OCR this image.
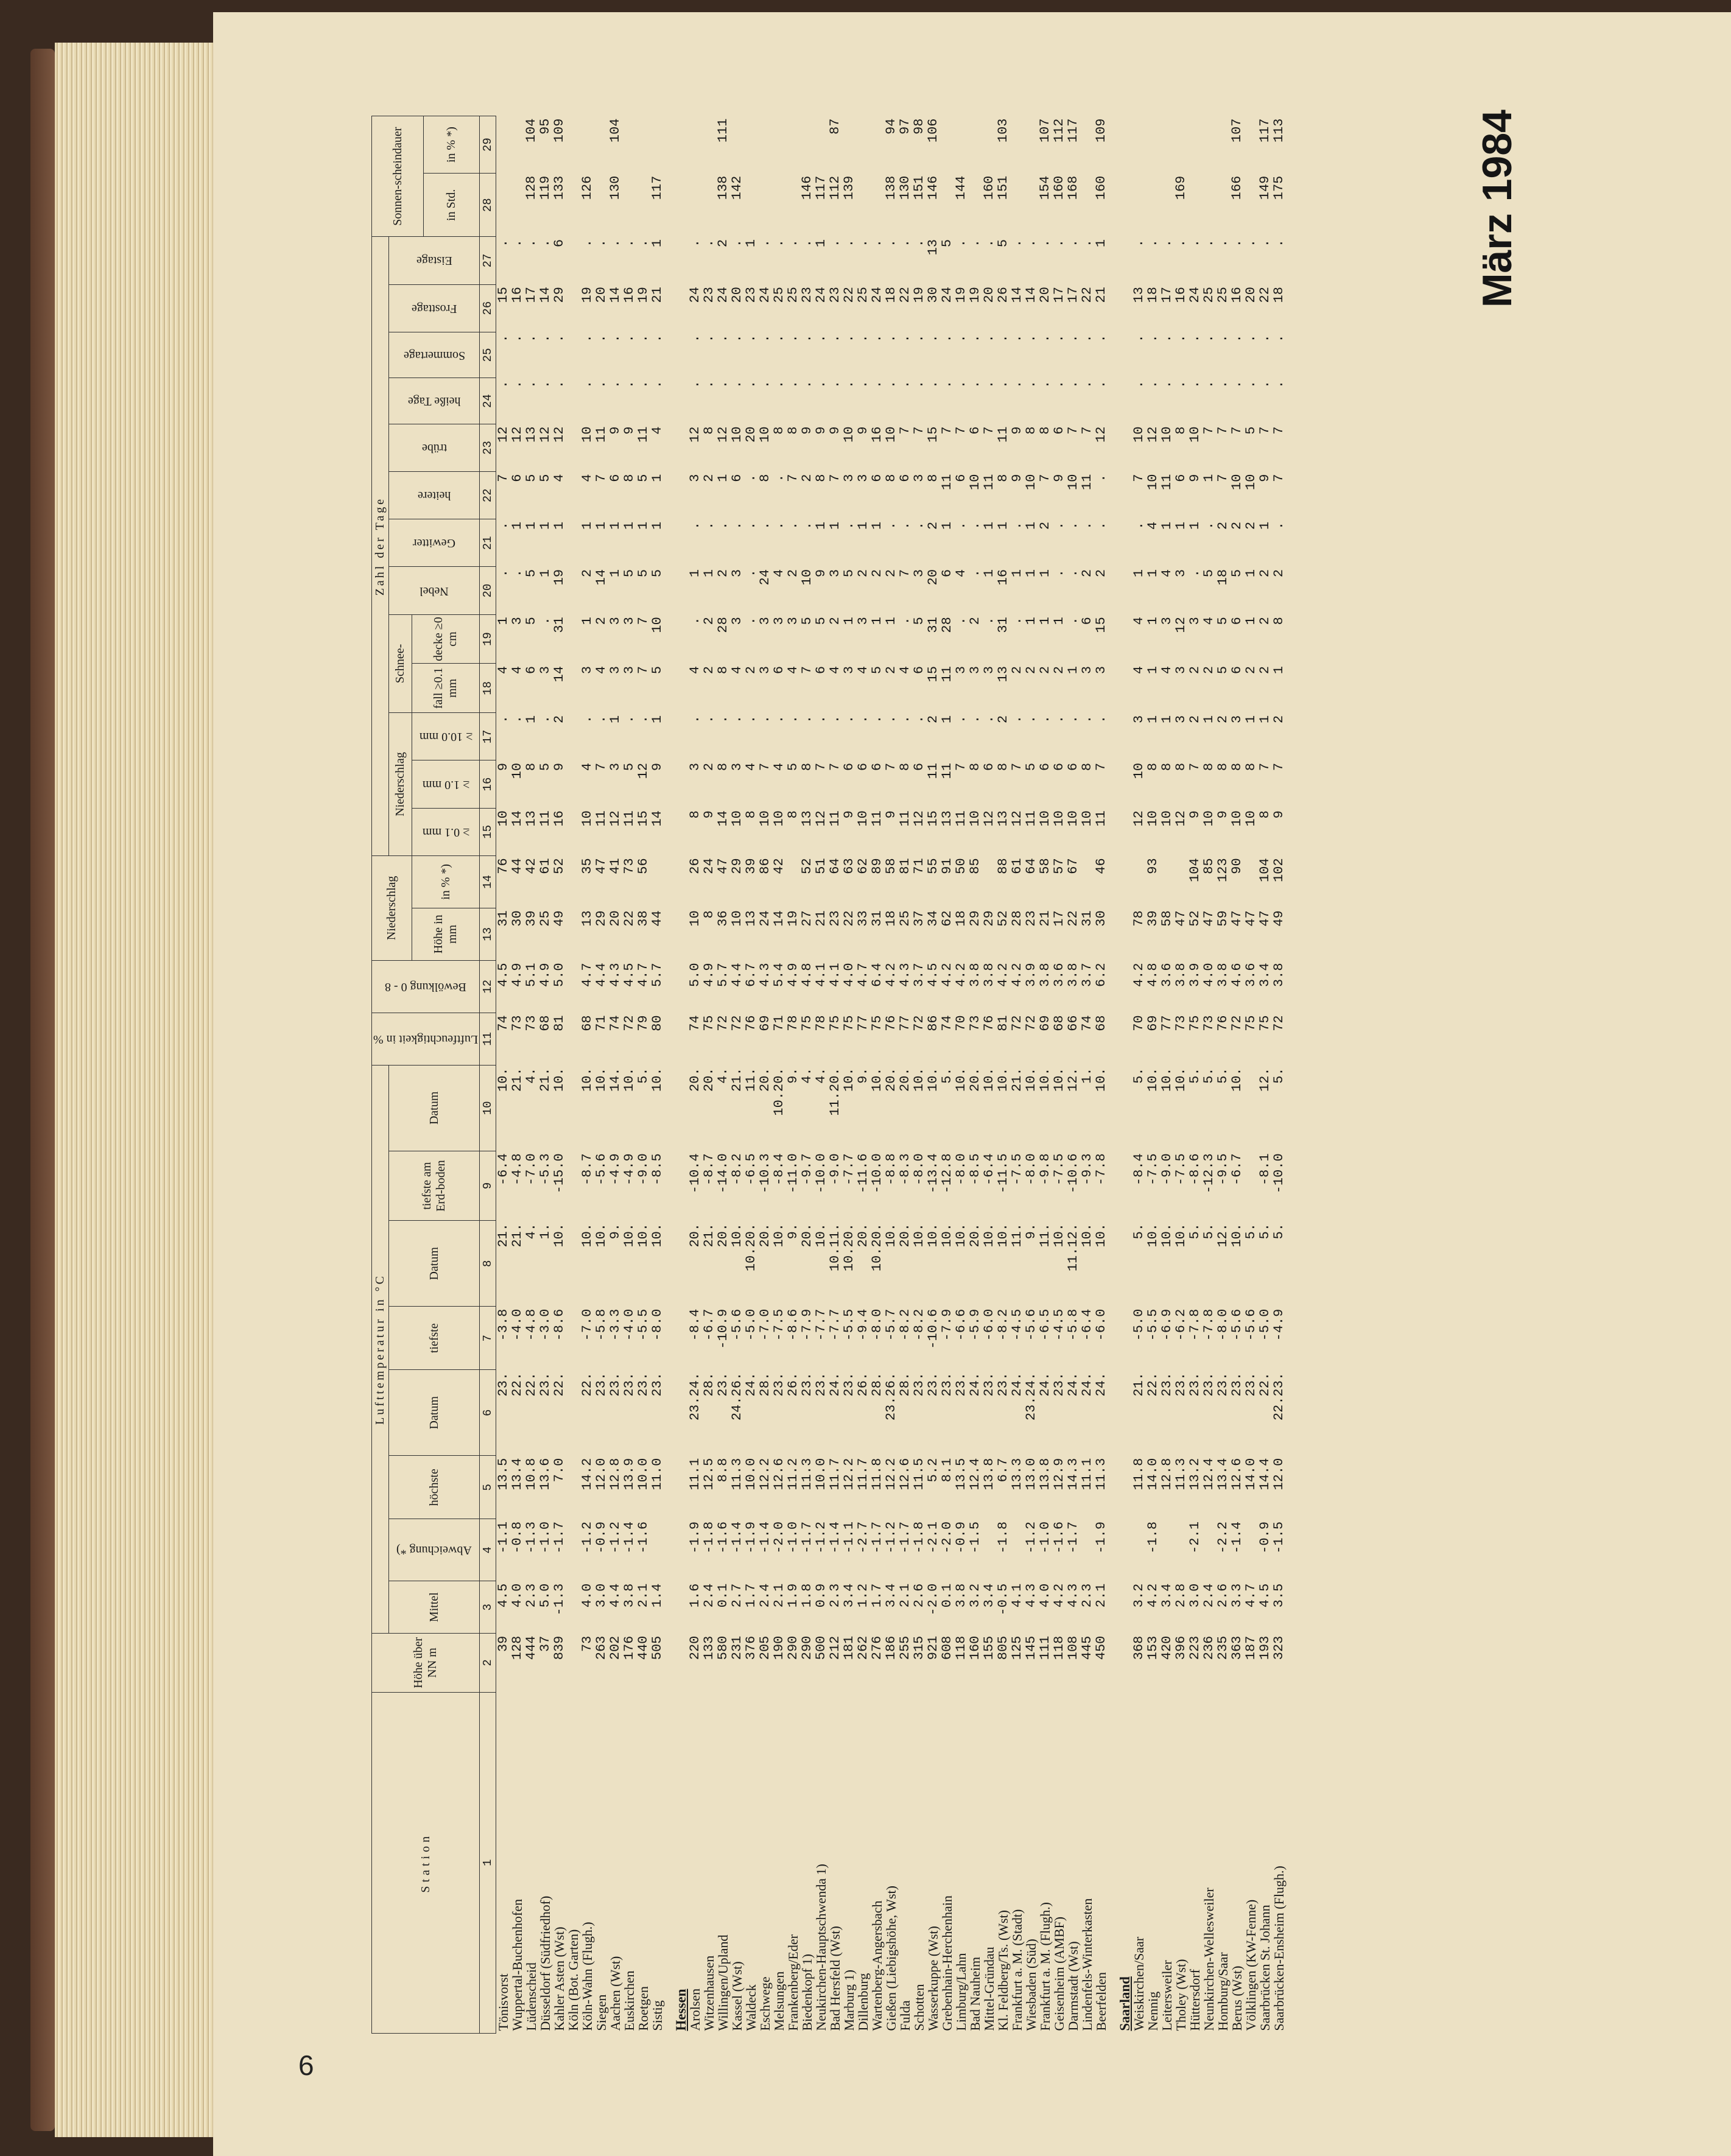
März 1984
6
Station	Höhe über NN m	Lufttemperatur in °C								Luftfeuchtigkeit in %	Bewölkung 0 - 8	Niederschlag		Zahl der Tage													Sonnen-scheindauer	
		Mittel	Abweichung *)	höchste	Datum	tiefste	Datum	tiefste am Erd-boden	Datum					Niederschlag			Schnee-		Nebel	Gewitter	heitere	trübe	heiße Tage	Sommertage	Frosttage	Eistage		

												Höhe in mm	in % *)	≥ 0.1 mm	≥ 1.0 mm	≥ 10.0 mm	fall ≥0.1 mm	decke ≥0 cm										
																											in Std.	in % *)
1	2	3	4	5	6	7	8	9	10	11	12	13	14	15	16	17	18	19	20	21	22	23	24	25	26	27	28	29
Tönisvorst	39	4.5	-1.1	13.5	23.	-3.8	21.	-6.4	10.	74	4.5	31	76	10	9	.	4	1	.	.	7	12	.	.	15	.		
Wuppertal-Buchenhofen	128	4.0	-0.8	13.4	22.	-4.0	21.	-4.8	21.	73	4.9	30	44	14	10	.	4	3	.	1	6	12	.	.	16	.		
Lüdenscheid	444	2.3	-1.3	10.8	22.	-4.8	4.	-7.0	4.	73	5.1	39	42	13	8	1	6	5	5	1	5	13	.	.	17	.	128	104
Düsseldorf (Südfriedhof)	37	5.0	-1.0	13.6	23.	-3.0	1.	-5.3	21.	68	4.9	25	61	11	5	.	3	.	1	1	5	12	.	.	14	.	119	95
Kahler Asten (Wst)	839	-1.3	-1.7	7.0	22.	-8.6	10.	-15.0	10.	81	5.0	49	52	16	9	2	14	31	19	1	4	12	.	.	29	6	133	109
Köln (Bot. Garten)																												
Köln-Wahn (Flugh.)	73	4.0	-1.2	14.2	22.	-7.0	10.	-8.7	10.	68	4.7	13	35	10	4	.	3	1	2	1	4	10	.	.	19	.	126	
Siegen	263	3.0	-0.9	12.0	23.	-5.8	10.	-5.6	10.	71	4.4	29	47	11	7	.	4	2	14	1	7	11	.	.	20	.		
Aachen (Wst)	202	4.4	-1.2	12.8	23.	-3.3	9.	-4.9	14.	74	4.3	20	41	12	3	1	3	3	1	1	6	9	.	.	14	.	130	104
Euskirchen	176	3.8	-1.4	13.9	23.	-4.0	10.	-4.9	10.	72	4.5	22	73	11	5	.	3	3	5	1	8	9	.	.	16	.		
Roetgen	440	2.1	-1.6	10.0	23.	-5.5	10.	-9.0	5.	79	4.7	38	56	15	12	.	7	7	5	1	5	11	.	.	19	.		
Sistig	505	1.4		11.0	23.	-8.0	10.	-8.5	10.	80	5.7	44		14	9	1	5	10	5	1	1	4	.	.	21	1	117	

Hessen																												
Arolsen	220	1.6	-1.9	11.1	23.24.	-8.4	20.	-10.4	20.	74	5.0	10	26	8	3	.	4	.	1	.	3	12	.	.	24	.		
Witzenhausen	133	2.4	-1.8	12.5	28.	-6.7	21.	-8.7	20.	75	4.9	8	24	9	2	.	2	2	1	.	2	8	.	.	23	.		
Willingen/Upland	580	0.1	-1.6	8.8	23.	-10.9	20.	-14.0	4.	72	5.7	36	47	14	8	.	8	28	2	.	1	12	.	.	24	2	138	111
Kassel (Wst)	231	2.7	-1.4	11.3	24.26.	-5.6	10.	-8.2	21.	72	4.4	10	29	10	3	.	4	3	3	.	6	10	.	.	20	.	142	
Waldeck	376	1.7	-1.9	10.0	24.	-5.0	10.20.	-6.5	11.	76	6.7	13	39	8	4	.	2	.	.	.	.	20	.	.	23	1		
Eschwege	205	2.4	-1.4	12.2	28.	-7.0	20.	-10.3	20.	69	4.3	24	86	10	7	.	3	3	24	.	8	10	.	.	24	.		
Melsungen	190	2.1	-2.0	12.6	23.	-7.5	10.	-8.4	10.20.	71	5.4	14	42	10	4	.	6	3	4	.	.	8	.	.	25	.		
Frankenberg/Eder	290	1.9	-1.0	11.2	26.	-8.6	9.	-11.0	9.	78	4.9	19		8	5	.	4	3	2	.	7	8	.	.	25	.		
Biedenkopf 1)	290	1.8	-1.7	11.3	23.	-7.9	20.	-9.7	4.	75	4.8	27	52	13	8	.	7	5	10	.	2	9	.	.	23	.	146	
Neukirchen-Hauptschwenda 1)	500	0.9	-1.2	10.0	23.	-7.7	10.	-10.0	4.	78	4.1	21	51	12	7	.	6	5	9	1	8	9	.	.	24	1	117	
Bad Hersfeld (Wst)	212	2.3	-1.4	11.7	24.	-7.7	10.11.	-9.0	11.20.	75	4.1	23	64	11	7	.	4	2	3	1	7	9	.	.	23	.	112	87
Marburg 1)	181	3.4	-1.1	12.2	23.	-5.5	10.20.	-7.7	10.	75	4.0	22	63	9	6	.	3	1	5	.	3	10	.	.	22	.	139	
Dillenburg	262	1.2	-2.7	11.7	26.	-9.4	20.	-11.6	9.	77	4.7	33	62	10	6	.	4	3	2	1	3	9	.	.	25	.		
Wartenberg-Angersbach	276	1.7	-1.7	11.8	28.	-8.0	10.20.	-10.0	10.	75	6.4	31	89	11	6	.	5	1	2	1	6	16	.	.	24	.		
Gießen (Liebigshöhe, Wst)	186	3.4	-1.2	12.2	23.26.	-5.7	10.	-8.8	20.	76	4.2	18	58	9	7	.	2	1	2	.	8	10	.	.	18	.	138	94
Fulda	255	2.1	-1.7	12.6	28.	-8.2	20.	-8.3	20.	77	4.3	25	81	11	8	.	4	.	7	.	6	7	.	.	22	.	130	97
Schotten	315	2.6	-1.8	11.5	23.	-8.2	10.	-8.0	10.	72	3.7	37	71	12	6	.	6	5	3	.	3	7	.	.	19	.	151	98
Wasserkuppe (Wst)	921	-2.0	-2.1	5.2	23.	-10.6	10.	-13.4	10.	86	4.5	34	55	15	11	2	15	31	20	2	8	15	.	.	30	13	146	106
Grebenhain-Herchenhain	608	0.1	-2.0	8.1	23.	-7.9	10.	-12.8	5.	74	4.2	62	91	13	11	1	11	28	6	1	11	7	.	.	24	5		
Limburg/Lahn	118	3.8	-0.9	13.5	23.	-6.6	10.	-8.0	10.	70	4.2	18	50	11	7	.	3	.	4	.	6	7	.	.	19	.	144	
Bad Nauheim	160	3.2	-1.5	12.4	24.	-5.9	20.	-8.5	20.	73	3.8	29	85	10	8	.	3	2	.	.	10	6	.	.	19	.		
Mittel-Gründau	155	3.4		13.8	23.	-6.0	10.	-6.4	10.	76	3.8	29		12	6	.	3	.	1	1	11	7	.	.	20	.	160	
Kl. Feldberg/Ts. (Wst)	805	-0.5	-1.8	6.7	23.	-8.2	10.	-11.5	10.	81	4.2	52	88	13	8	2	13	31	16	1	8	11	.	.	26	5	151	103
Frankfurt a. M. (Stadt)	125	4.1		13.3	24.	-4.5	11.	-7.5	21.	72	4.2	28	61	12	7	.	2	.	1	.	9	9	.	.	14	.		
Wiesbaden (Süd)	145	4.3	-1.2	13.0	23.24.	-5.6	9.	-8.0	10.	72	3.9	23	64	11	5	.	2	1	1	1	10	8	.	.	14	.		
Frankfurt a. M. (Flugh.)	111	4.0	-1.0	13.8	24.	-6.5	11.	-9.8	10.	69	3.8	21	58	10	6	.	2	1	1	2	7	8	.	.	20	.	154	107
Geisenheim (AMBF)	118	4.2	-1.6	12.9	23.	-4.5	10.	-7.5	10.	68	3.6	17	57	10	6	.	2	1	.	.	9	6	.	.	17	.	160	112
Darmstadt (Wst)	108	4.3	-1.7	14.3	24.	-5.8	11.12.	-10.6	12.	66	3.8	22	67	10	6	.	1	.	.	.	10	7	.	.	17	.	168	117
Lindenfels-Winterkasten	445	2.3		11.1	24.	-6.4	10.	-9.3	1.	74	3.7	31		10	8	.	3	6	2	.	11	7	.	.	22	.		
Beerfelden	450	2.1	-1.9	11.3	24.	-6.0	10.	-7.8	10.	68	6.2	30	46	11	7	.	3	15	2	.	.	12	.	.	21	1	160	109

Saarland																												
Weiskirchen/Saar	368	3.2		11.8	21.	-5.0	5.	-8.4	5.	70	4.2	78		12	10	3	4	4	1	.	7	10	.	.	13	.		
Nennig	153	4.2	-1.8	14.0	22.	-5.5	10.	-7.5	10.	69	4.8	39	93	10	8	1	1	1	1	4	10	12	.	.	18	.		
Leitersweiler	420	3.4		12.8	23.	-6.9	10.	-9.0	10.	77	3.6	58		10	8	1	4	3	4	1	11	10	.	.	17	.		
Tholey (Wst)	396	2.8		11.3	23.	-6.2	10.	-7.5	10.	73	3.8	47		12	8	3	3	12	3	1	6	8	.	.	16	.	169	
Hüttersdorf	223	3.0	-2.1	13.2	23.	-7.8	5.	-8.6	5.	75	3.9	52	104	9	7	2	2	3	.	1	9	10	.	.	24	.		
Neunkirchen-Wellesweiler	236	2.4		12.4	23.	-7.8	5.	-12.3	5.	73	4.0	47	85	10	8	1	2	4	5	.	1	7	.	.	25	.		
Homburg/Saar	235	2.6	-2.2	13.4	23.	-8.0	12.	-9.5	5.	76	3.8	59	123	9	8	2	5	5	18	2	7	7	.	.	25	.		
Berus (Wst)	363	3.3	-1.4	12.6	23.	-5.6	10.	-6.7	10.	72	4.6	47	90	10	8	3	6	6	5	2	10	7	.	.	16	.	166	107
Völklingen (KW-Fenne)	187	4.7		14.0	23.	-5.6	5.			75	3.6	47		10	8	1	2	1	1	2	10	5	.	.	20	.		
Saarbrücken St. Johann	193	4.5	-0.9	14.4	22.	-5.0	5.	-8.1	12.	75	3.4	47	104	8	7	1	2	2	2	1	9	7	.	.	22	.	149	117
Saarbrücken-Ensheim (Flugh.)	323	3.5	-1.5	12.0	22.23.	-4.9	5.	-10.0	5.	72	3.8	49	102	9	7	2	1	8	2	.	7	7	.	.	18	.	175	113
